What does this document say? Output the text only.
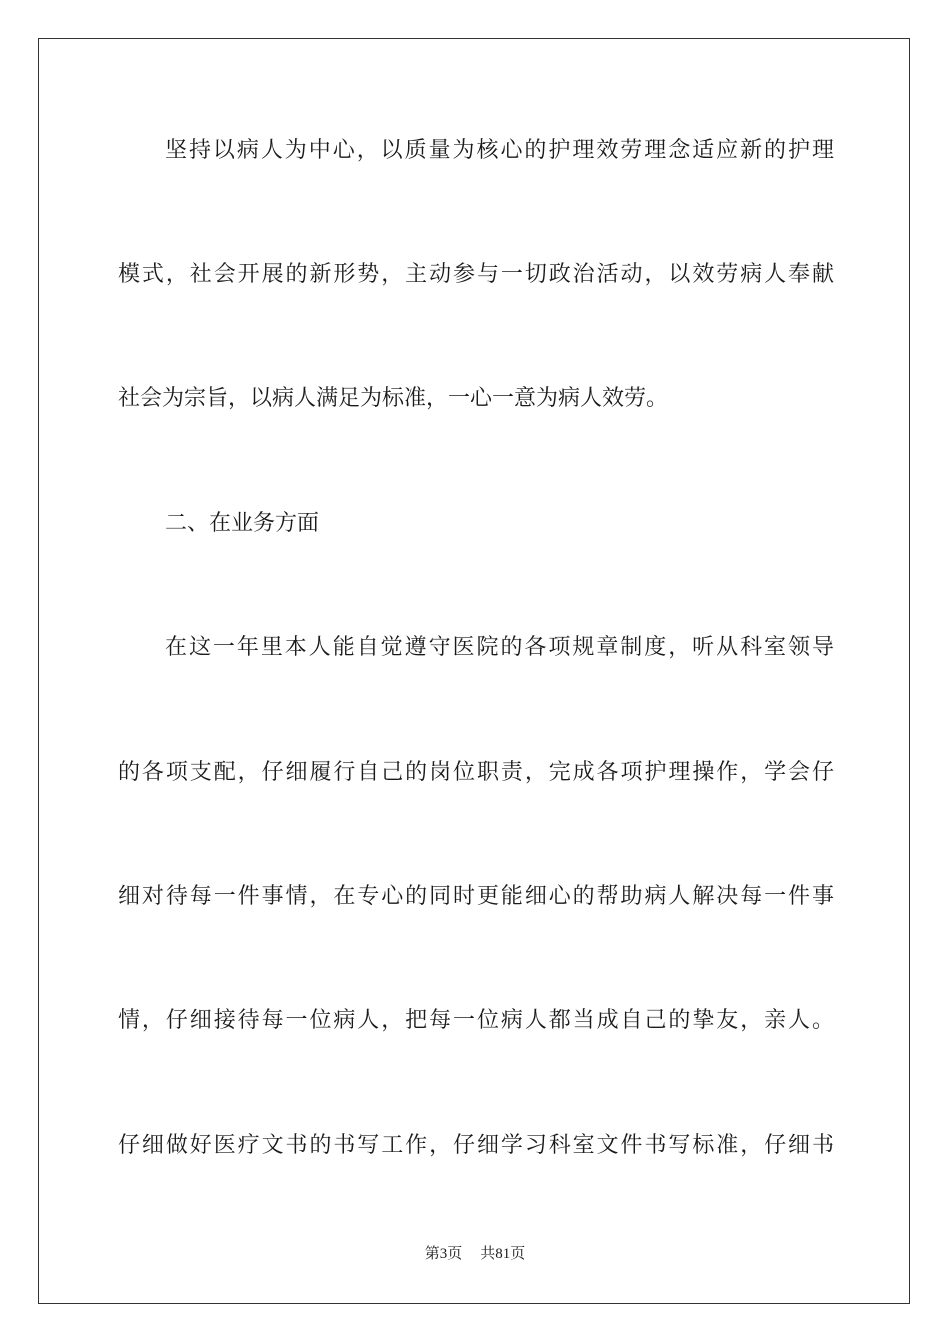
坚持以病人为中心，以质量为核心的护理效劳理念适应新的护理
模式，社会开展的新形势，主动参与一切政治活动，以效劳病人奉献
社会为宗旨，以病人满足为标准，一心一意为病人效劳。
二、在业务方面
在这一年里本人能自觉遵守医院的各项规章制度，听从科室领导
的各项支配，仔细履行自己的岗位职责，完成各项护理操作，学会仔
细对待每一件事情，在专心的同时更能细心的帮助病人解决每一件事
情，仔细接待每一位病人，把每一位病人都当成自己的挚友，亲人。
仔细做好医疗文书的书写工作，仔细学习科室文件书写标准，仔细书
第3页 共81页
